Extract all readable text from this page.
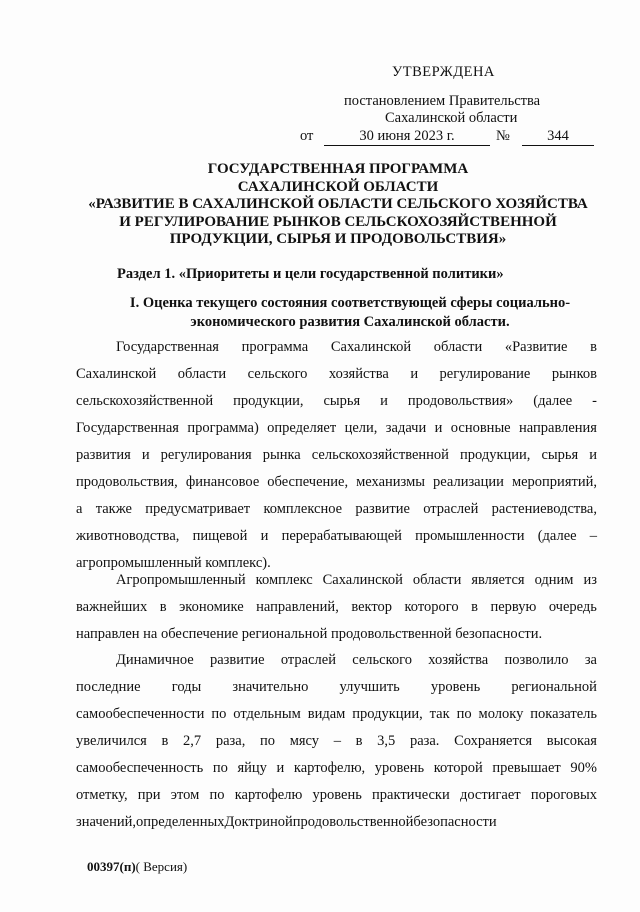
УТВЕРЖДЕНА
постановлением Правительства
Сахалинской области
от	30 июня 2023 г.	№	344
ГОСУДАРСТВЕННАЯ ПРОГРАММА
САХАЛИНСКОЙ ОБЛАСТИ
«РАЗВИТИЕ В САХАЛИНСКОЙ ОБЛАСТИ СЕЛЬСКОГО ХОЗЯЙСТВА
И РЕГУЛИРОВАНИЕ РЫНКОВ СЕЛЬСКОХОЗЯЙСТВЕННОЙ
ПРОДУКЦИИ, СЫРЬЯ И ПРОДОВОЛЬСТВИЯ»
Раздел 1. «Приоритеты и цели государственной политики»
I. Оценка текущего состояния соответствующей сферы социально-
экономического развития Сахалинской области.
Государственная программа Сахалинской области «Развитие в
Сахалинской области сельского хозяйства и регулирование рынков
сельскохозяйственной продукции, сырья и продовольствия» (далее -
Государственная программа) определяет цели, задачи и основные направления
развития и регулирования рынка сельскохозяйственной продукции, сырья и
продовольствия, финансовое обеспечение, механизмы реализации мероприятий,
а также предусматривает комплексное развитие отраслей растениеводства,
животноводства, пищевой и перерабатывающей промышленности (далее –
агропромышленный комплекс).
Агропромышленный комплекс Сахалинской области является одним из
важнейших в экономике направлений, вектор которого в первую очередь
направлен на обеспечение региональной продовольственной безопасности.
Динамичное развитие отраслей сельского хозяйства позволило за
последние годы значительно улучшить уровень региональной
самообеспеченности по отдельным видам продукции, так по молоку показатель
увеличился в 2,7 раза, по мясу – в 3,5 раза. Сохраняется высокая
самообеспеченность по яйцу и картофелю, уровень которой превышает 90%
отметку, при этом по картофелю уровень практически достигает пороговых
значений, определенных Доктриной продовольственной безопасности
00397(п)( Версия)
